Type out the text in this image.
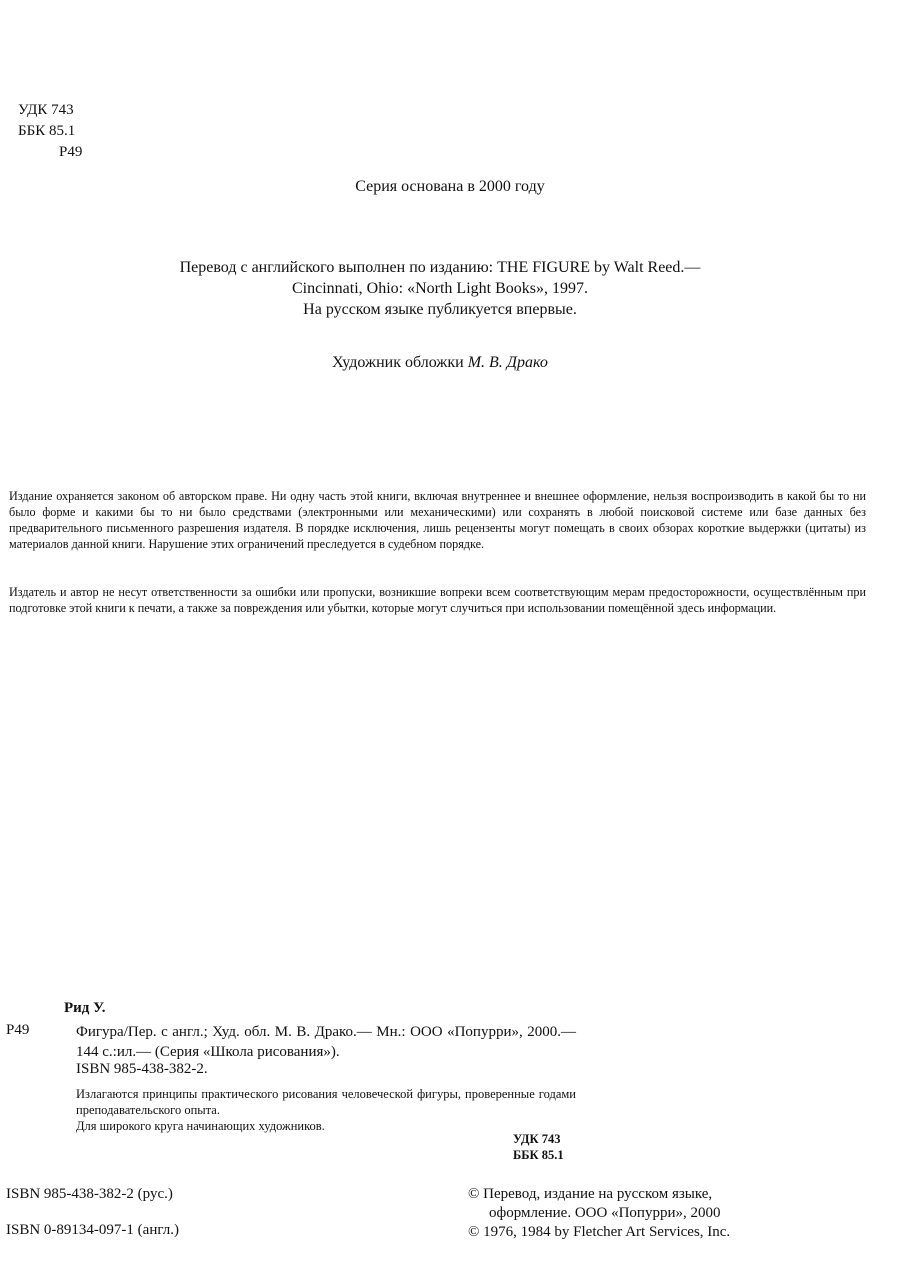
УДК 743
ББК 85.1
Р49
Серия основана в 2000 году
Перевод с английского выполнен по изданию: THE FIGURE by Walt Reed.—
Cincinnati, Ohio: «North Light Books», 1997.
На русском языке публикуется впервые.
Художник обложки М. В. Драко
Издание охраняется законом об авторском праве. Ни одну часть этой книги, включая внутреннее и внешнее оформление, нельзя воспроизводить в какой бы то ни было форме и какими бы то ни было средствами (электронными или механическими) или сохранять в любой поисковой системе или базе данных без предварительного письменного разрешения издателя. В порядке исключения, лишь рецензенты могут помещать в своих обзорах короткие выдержки (цитаты) из материалов данной книги. Нарушение этих ограничений преследуется в судебном порядке.
Издатель и автор не несут ответственности за ошибки или пропуски, возникшие вопреки всем соответствующим мерам предосторожности, осуществлённым при подготовке этой книги к печати, а также за повреждения или убытки, которые могут случиться при использовании помещённой здесь информации.
Рид У.
Р49	Фигура/Пер. с англ.; Худ. обл. М. В. Драко.— Мн.: ООО «Попурри», 2000.— 144 с.:ил.— (Серия «Школа рисования»).
ISBN 985-438-382-2.
Излагаются принципы практического рисования человеческой фигуры, проверенные годами преподавательского опыта.
Для широкого круга начинающих художников.
УДК 743
ББК 85.1
ISBN 985-438-382-2 (рус.)
ISBN 0-89134-097-1 (англ.)
© Перевод, издание на русском языке,
оформление. ООО «Попурри», 2000
© 1976, 1984 by Fletcher Art Services, Inc.
